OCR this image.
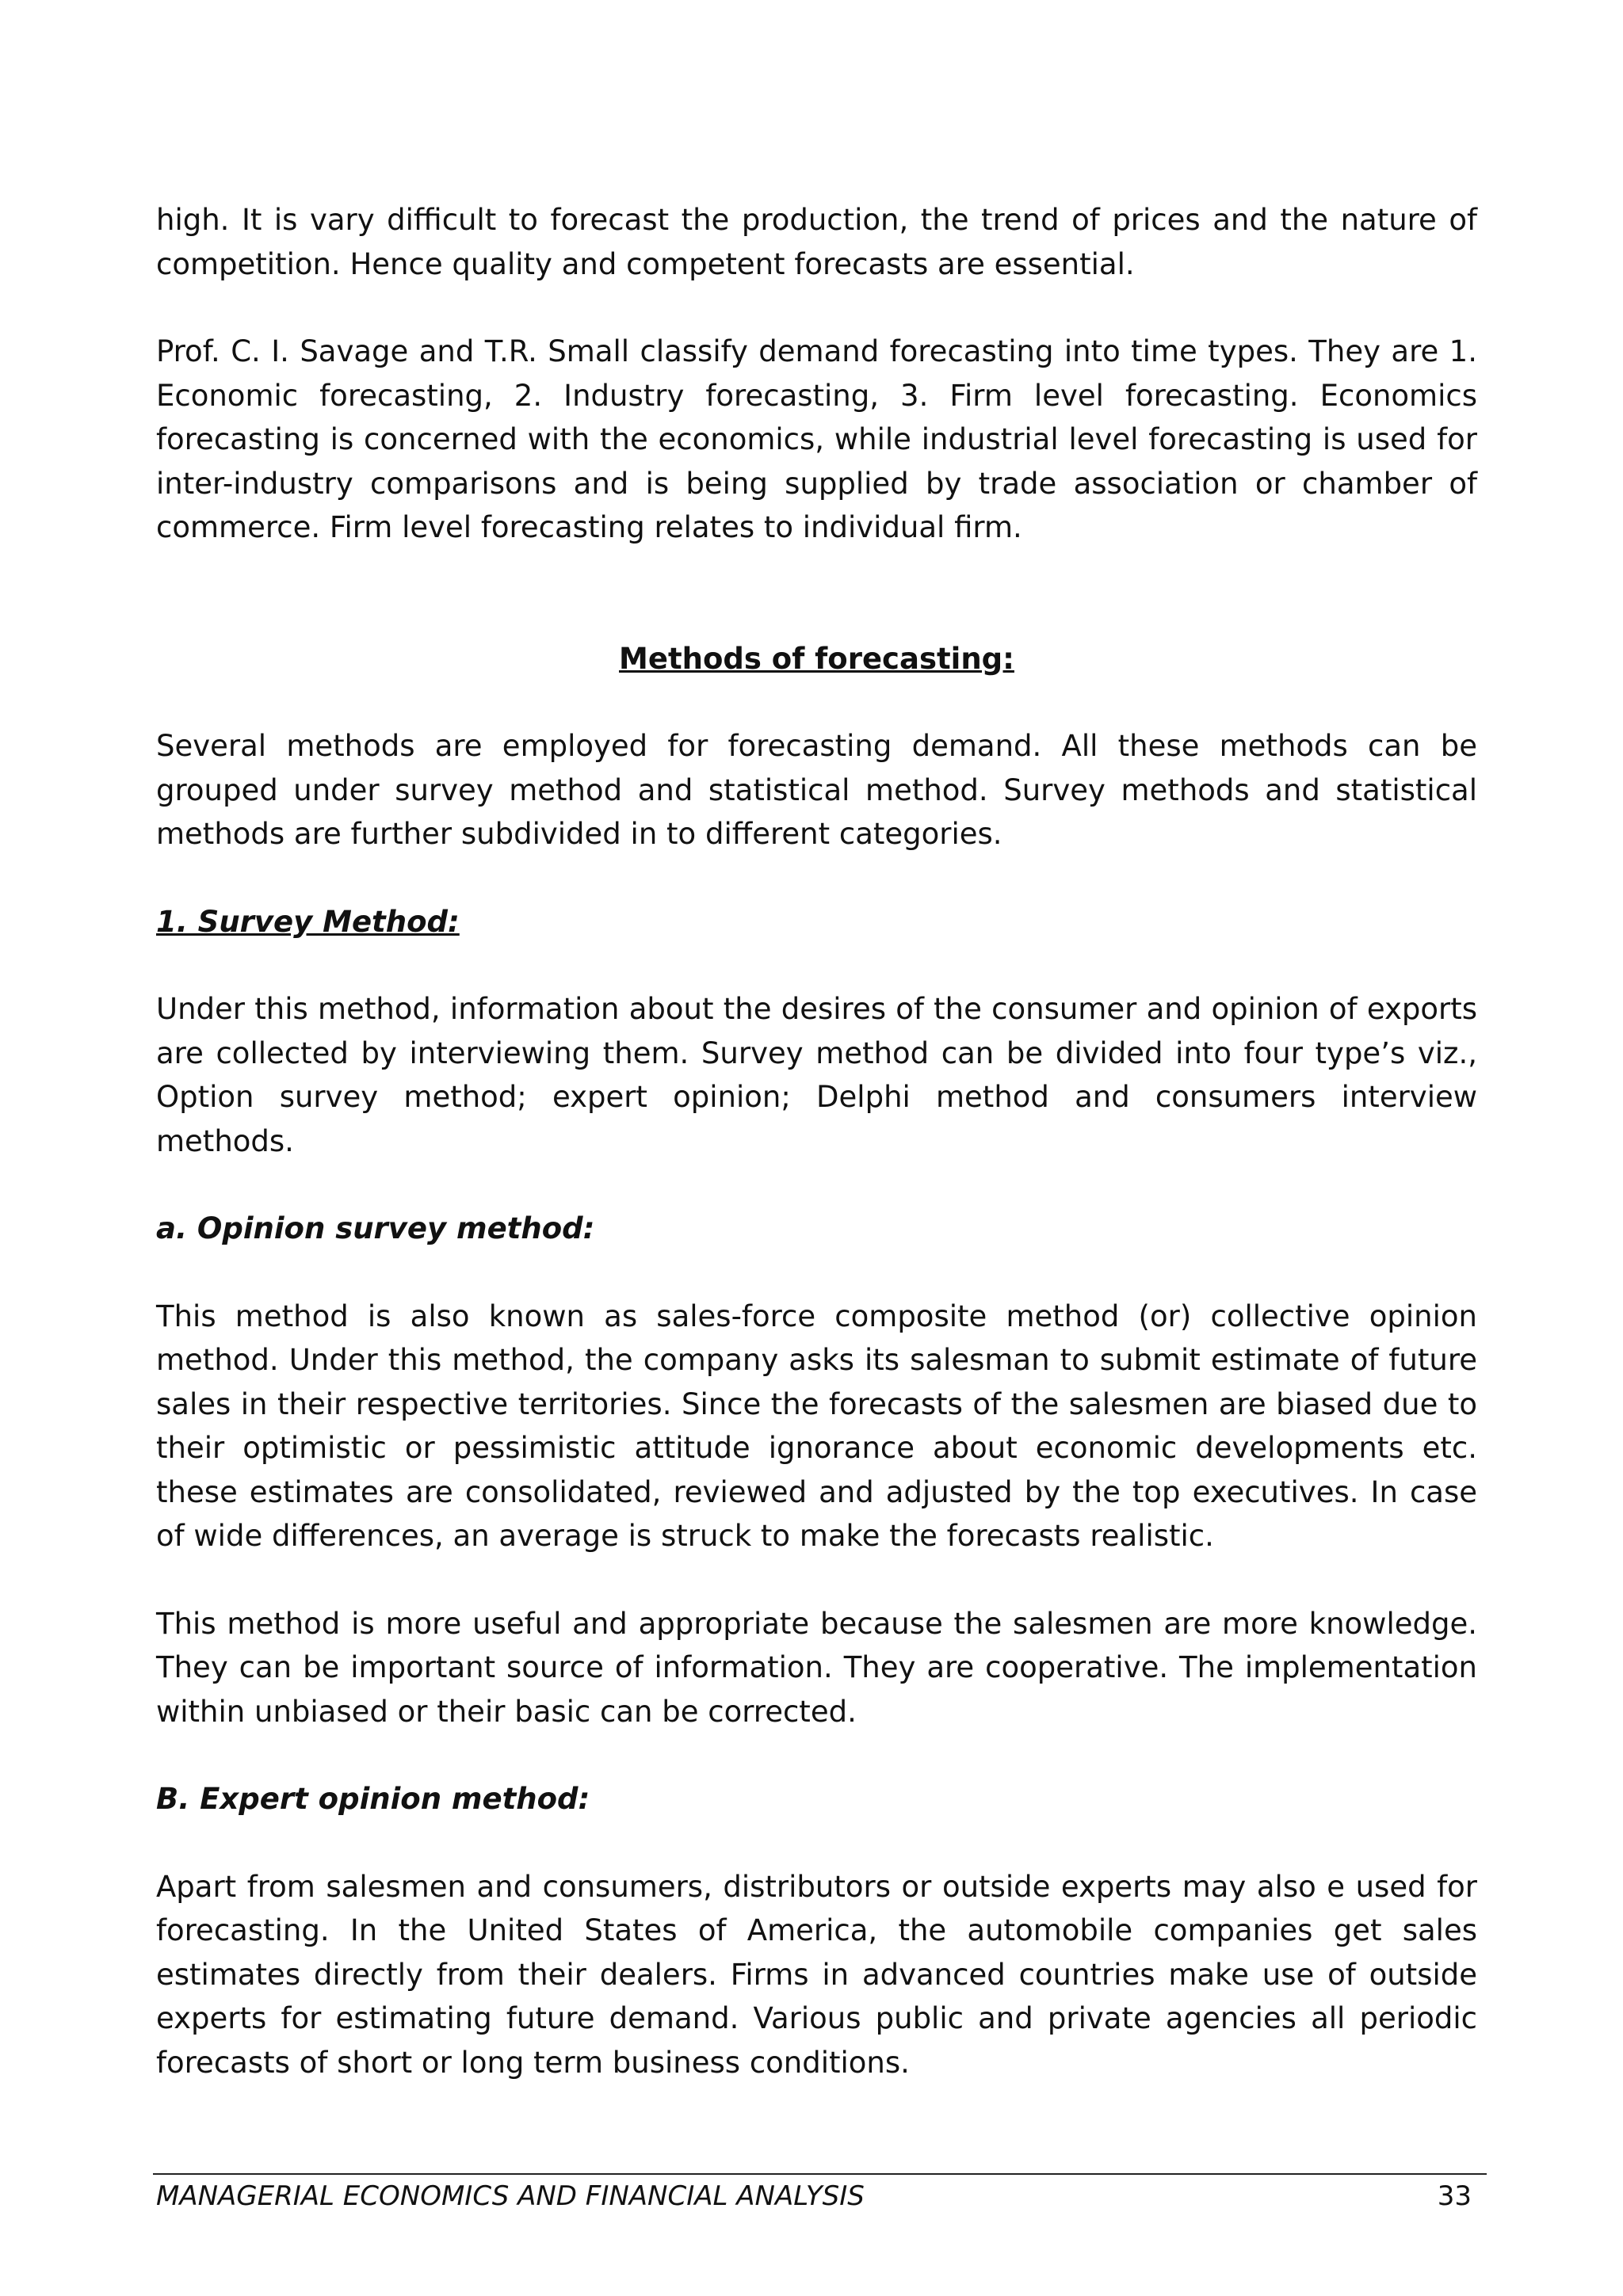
high. It is vary difficult to forecast the production, the trend of prices and the nature of competition. Hence quality and competent forecasts are essential.

Prof. C. I. Savage and T.R. Small classify demand forecasting into time types. They are 1. Economic forecasting, 2. Industry forecasting, 3. Firm level forecasting. Economics forecasting is concerned with the economics, while industrial level forecasting is used for inter-industry comparisons and is being supplied by trade association or chamber of commerce. Firm level forecasting relates to individual firm.

Methods of forecasting:

Several methods are employed for forecasting demand. All these methods can be grouped under survey method and statistical method. Survey methods and statistical methods are further subdivided in to different categories.

1. Survey Method:

Under this method, information about the desires of the consumer and opinion of exports are collected by interviewing them. Survey method can be divided into four type’s viz., Option survey method; expert opinion; Delphi method and consumers interview methods.

a. Opinion survey method:

This method is also known as sales-force composite method (or) collective opinion method. Under this method, the company asks its salesman to submit estimate of future sales in their respective territories. Since the forecasts of the salesmen are biased due to their optimistic or pessimistic attitude ignorance about economic developments etc. these estimates are consolidated, reviewed and adjusted by the top executives. In case of wide differences, an average is struck to make the forecasts realistic.

This method is more useful and appropriate because the salesmen are more knowledge. They can be important source of information. They are cooperative. The implementation within unbiased or their basic can be corrected.

B. Expert opinion method:

Apart from salesmen and consumers, distributors or outside experts may also e used for forecasting. In the United States of America, the automobile companies get sales estimates directly from their dealers. Firms in advanced countries make use of outside experts for estimating future demand. Various public and private agencies all periodic forecasts of short or long term business conditions.

MANAGERIAL ECONOMICS AND FINANCIAL ANALYSIS	33
